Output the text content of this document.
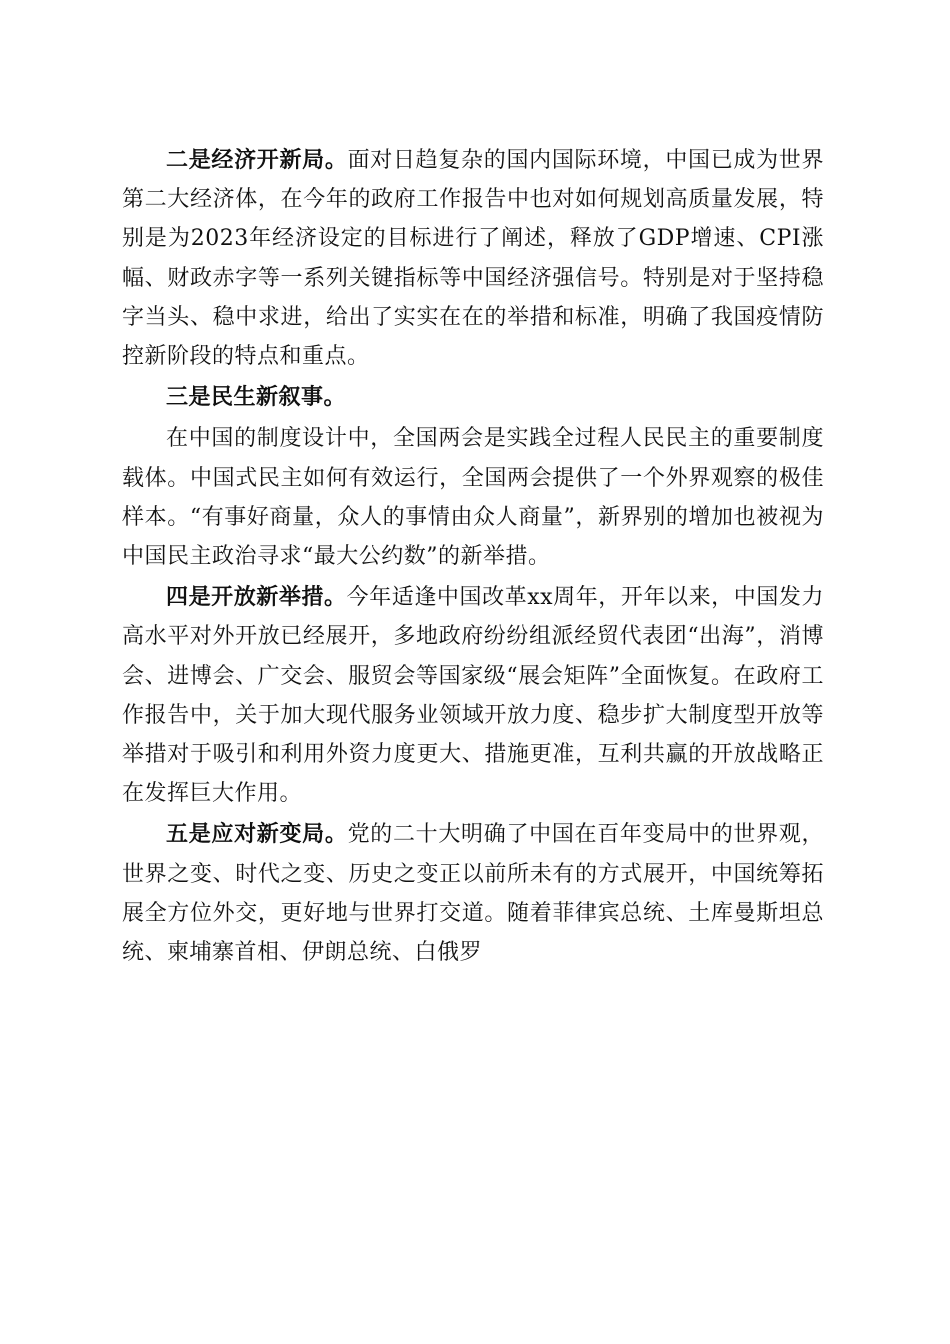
二是经济开新局。面对日趋复杂的国内国际环境，中国已成为世界第二大经济体，在今年的政府工作报告中也对如何规划高质量发展，特别是为2023年经济设定的目标进行了阐述，释放了GDP增速、CPI涨幅、财政赤字等一系列关键指标等中国经济强信号。特别是对于坚持稳字当头、稳中求进，给出了实实在在的举措和标准，明确了我国疫情防控新阶段的特点和重点。

三是民生新叙事。

在中国的制度设计中，全国两会是实践全过程人民民主的重要制度载体。中国式民主如何有效运行，全国两会提供了一个外界观察的极佳样本。“有事好商量，众人的事情由众人商量”，新界别的增加也被视为中国民主政治寻求“最大公约数”的新举措。

四是开放新举措。今年适逢中国改革xx周年，开年以来，中国发力高水平对外开放已经展开，多地政府纷纷组派经贸代表团“出海”，消博会、进博会、广交会、服贸会等国家级“展会矩阵”全面恢复。在政府工作报告中，关于加大现代服务业领域开放力度、稳步扩大制度型开放等举措对于吸引和利用外资力度更大、措施更准，互利共赢的开放战略正在发挥巨大作用。

五是应对新变局。党的二十大明确了中国在百年变局中的世界观，世界之变、时代之变、历史之变正以前所未有的方式展开，中国统筹拓展全方位外交，更好地与世界打交道。随着菲律宾总统、土库曼斯坦总统、柬埔寨首相、伊朗总统、白俄罗
